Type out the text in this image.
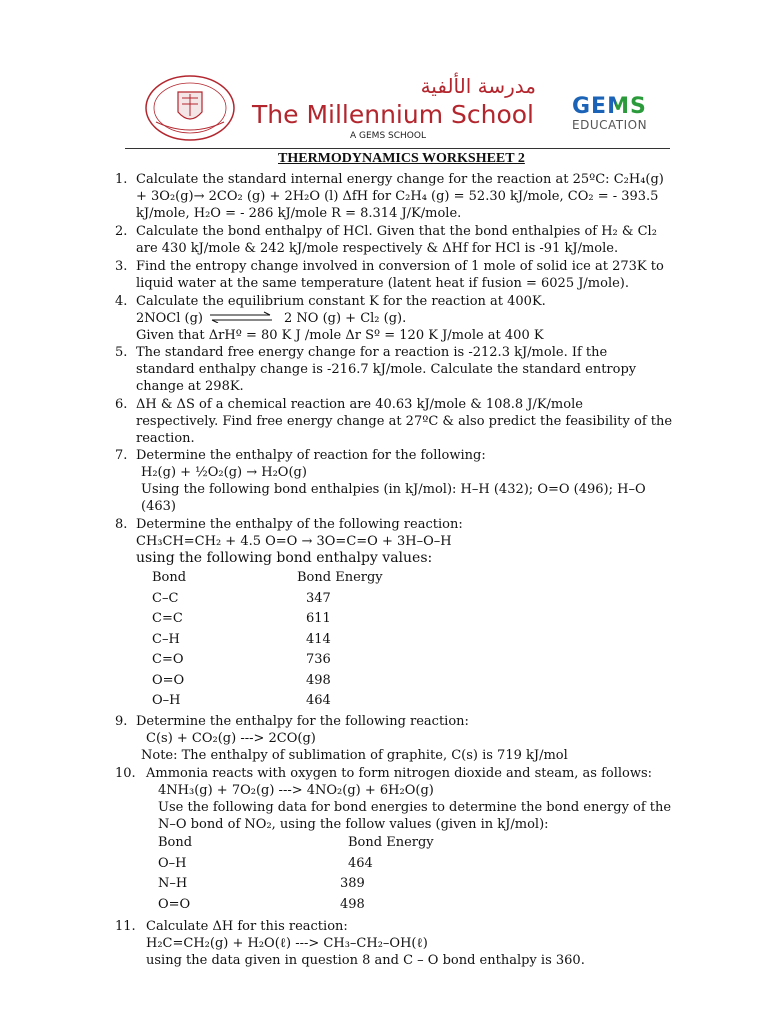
مدرسة الألفية
The Millennium School
A GEMS SCHOOL
GEMS
EDUCATION
THERMODYNAMICS WORKSHEET 2
1. Calculate the standard internal energy change for the reaction at 25ºC: C₂H₄(g)
+ 3O₂(g)→ 2CO₂ (g) + 2H₂O (l) ΔfH for C₂H₄ (g) = 52.30 kJ/mole, CO₂ = - 393.5
kJ/mole, H₂O = - 286 kJ/mole R = 8.314 J/K/mole.
2. Calculate the bond enthalpy of HCl. Given that the bond enthalpies of H₂ & Cl₂
are 430 kJ/mole & 242 kJ/mole respectively & ΔHf for HCl is -91 kJ/mole.
3. Find the entropy change involved in conversion of 1 mole of solid ice at 273K to
liquid water at the same temperature (latent heat if fusion = 6025 J/mole).
4. Calculate the equilibrium constant K for the reaction at 400K.
2NOCl (g)	2 NO (g) + Cl₂ (g).
Given that ΔrHº = 80 K J /mole Δr Sº = 120 K J/mole at 400 K
5. The standard free energy change for a reaction is -212.3 kJ/mole. If the
standard enthalpy change is -216.7 kJ/mole. Calculate the standard entropy
change at 298K.
6. ΔH & ΔS of a chemical reaction are 40.63 kJ/mole & 108.8 J/K/mole
respectively. Find free energy change at 27ºC & also predict the feasibility of the
reaction.
7. Determine the enthalpy of reaction for the following:
H₂(g) + ½O₂(g) → H₂O(g)
Using the following bond enthalpies (in kJ/mol): H–H (432); O=O (496); H–O
(463)
8. Determine the enthalpy of the following reaction:
CH₃CH=CH₂ + 4.5 O=O → 3O=C=O + 3H–O–H
using the following bond enthalpy values:
Bond	Bond Energy
C–C	347
C=C	611
C–H	414
C=O	736
O=O	498
O–H	464
9. Determine the enthalpy for the following reaction:
C(s) + CO₂(g) ---> 2CO(g)
Note: The enthalpy of sublimation of graphite, C(s) is 719 kJ/mol
10. Ammonia reacts with oxygen to form nitrogen dioxide and steam, as follows:
4NH₃(g) + 7O₂(g) ---> 4NO₂(g) + 6H₂O(g)
Use the following data for bond energies to determine the bond energy of the
N–O bond of NO₂, using the follow values (given in kJ/mol):
Bond	Bond Energy
O–H	464
N–H	389
O=O	498
11. Calculate ΔH for this reaction:
H₂C=CH₂(g) + H₂O(ℓ) ---> CH₃–CH₂–OH(ℓ)
using the data given in question 8 and C – O bond enthalpy is 360.
